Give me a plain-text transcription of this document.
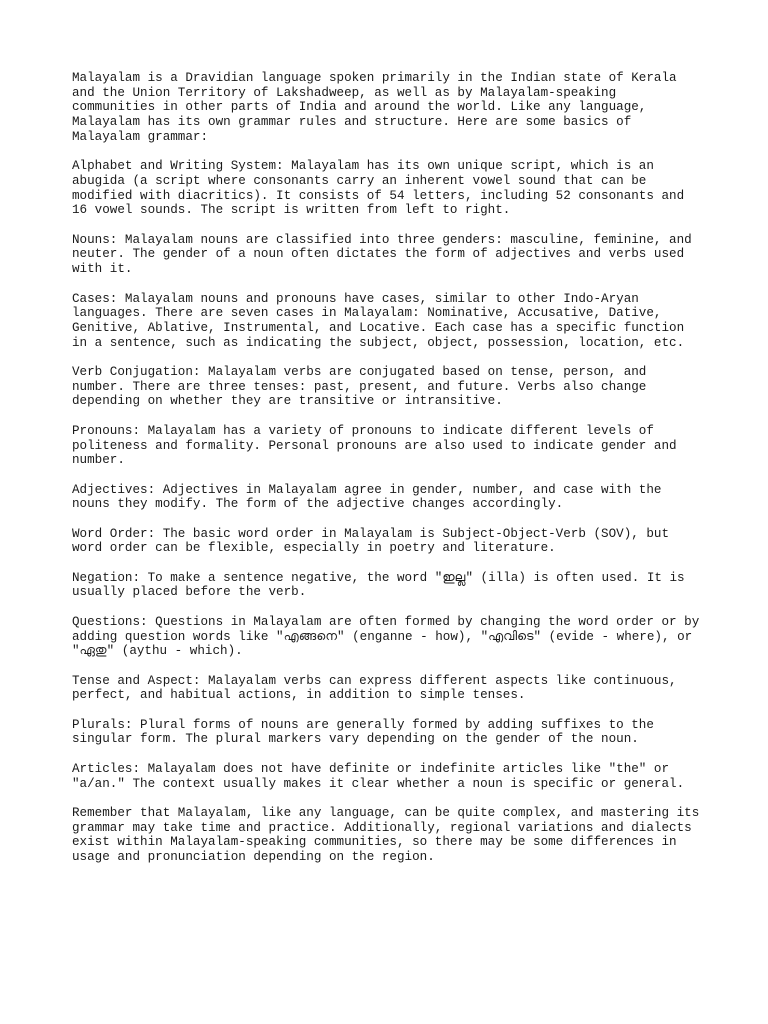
Malayalam is a Dravidian language spoken primarily in the Indian state of Kerala
and the Union Territory of Lakshadweep, as well as by Malayalam-speaking
communities in other parts of India and around the world. Like any language,
Malayalam has its own grammar rules and structure. Here are some basics of
Malayalam grammar:

Alphabet and Writing System: Malayalam has its own unique script, which is an
abugida (a script where consonants carry an inherent vowel sound that can be
modified with diacritics). It consists of 54 letters, including 52 consonants and
16 vowel sounds. The script is written from left to right.

Nouns: Malayalam nouns are classified into three genders: masculine, feminine, and
neuter. The gender of a noun often dictates the form of adjectives and verbs used
with it.

Cases: Malayalam nouns and pronouns have cases, similar to other Indo-Aryan
languages. There are seven cases in Malayalam: Nominative, Accusative, Dative,
Genitive, Ablative, Instrumental, and Locative. Each case has a specific function
in a sentence, such as indicating the subject, object, possession, location, etc.

Verb Conjugation: Malayalam verbs are conjugated based on tense, person, and
number. There are three tenses: past, present, and future. Verbs also change
depending on whether they are transitive or intransitive.

Pronouns: Malayalam has a variety of pronouns to indicate different levels of
politeness and formality. Personal pronouns are also used to indicate gender and
number.

Adjectives: Adjectives in Malayalam agree in gender, number, and case with the
nouns they modify. The form of the adjective changes accordingly.

Word Order: The basic word order in Malayalam is Subject-Object-Verb (SOV), but
word order can be flexible, especially in poetry and literature.

Negation: To make a sentence negative, the word "ഇല്ല" (illa) is often used. It is
usually placed before the verb.

Questions: Questions in Malayalam are often formed by changing the word order or by
adding question words like "എങ്ങനെ" (enganne - how), "എവിടെ" (evide - where), or
"ഏതു" (aythu - which).

Tense and Aspect: Malayalam verbs can express different aspects like continuous,
perfect, and habitual actions, in addition to simple tenses.

Plurals: Plural forms of nouns are generally formed by adding suffixes to the
singular form. The plural markers vary depending on the gender of the noun.

Articles: Malayalam does not have definite or indefinite articles like "the" or
"a/an." The context usually makes it clear whether a noun is specific or general.

Remember that Malayalam, like any language, can be quite complex, and mastering its
grammar may take time and practice. Additionally, regional variations and dialects
exist within Malayalam-speaking communities, so there may be some differences in
usage and pronunciation depending on the region.
